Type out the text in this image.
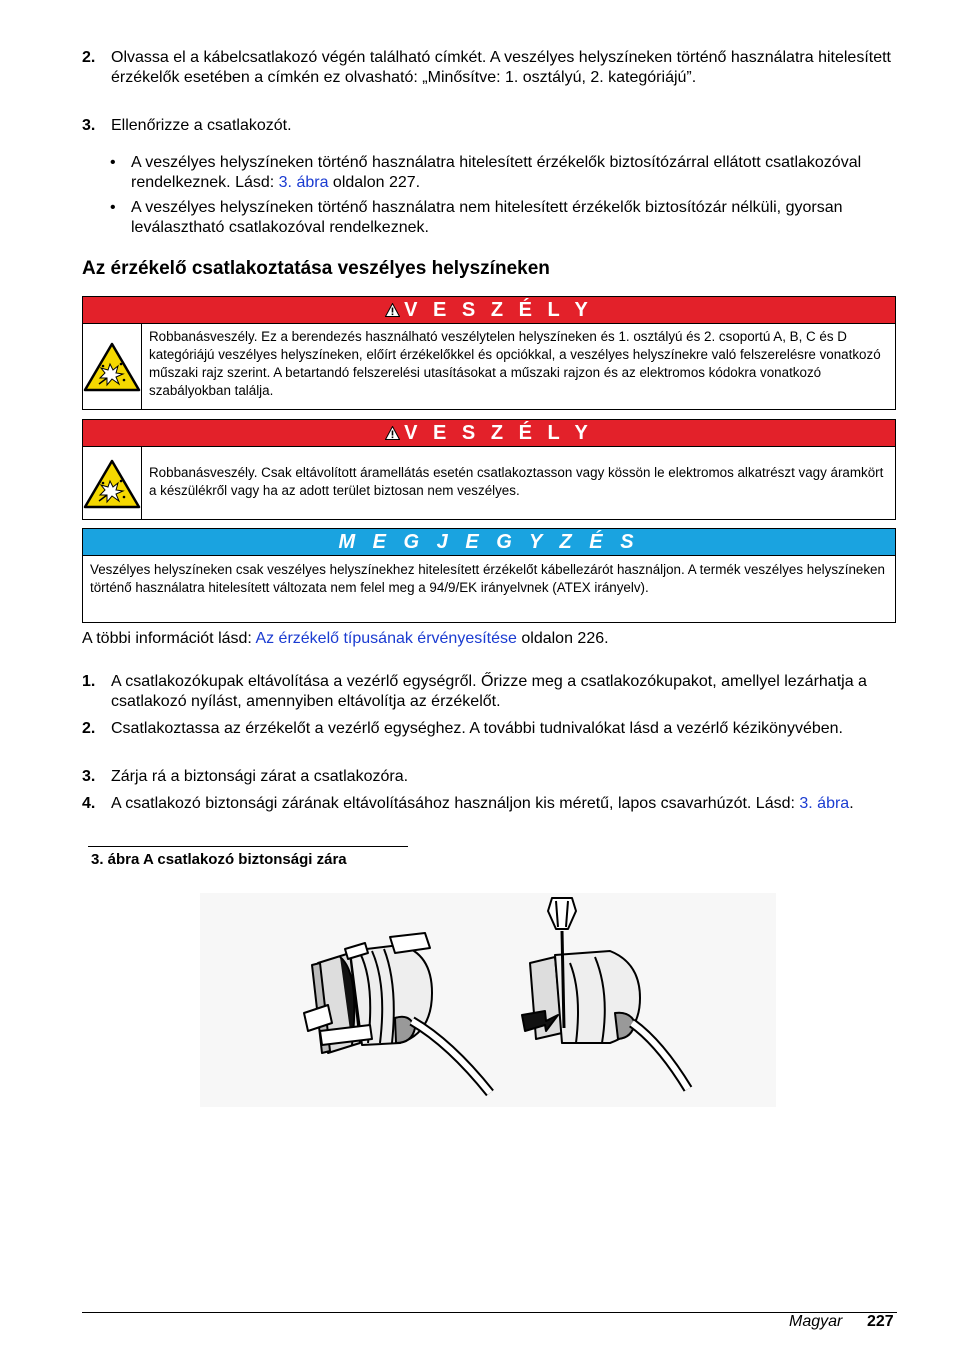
2. Olvassa el a kábelcsatlakozó végén található címkét. A veszélyes helyszíneken történő használatra hitelesített érzékelők esetében a címkén ez olvasható: „Minősítve: 1. osztályú, 2. kategóriájú”.
3. Ellenőrizze a csatlakozót.
• A veszélyes helyszíneken történő használatra hitelesített érzékelők biztosítózárral ellátott csatlakozóval rendelkeznek. Lásd: 3. ábra oldalon 227.
• A veszélyes helyszíneken történő használatra nem hitelesített érzékelők biztosítózár nélküli, gyorsan leválasztható csatlakozóval rendelkeznek.
Az érzékelő csatlakoztatása veszélyes helyszíneken
V E S Z É L Y
Robbanásveszély. Ez a berendezés használható veszélytelen helyszíneken és 1. osztályú és 2. csoportú A, B, C és D kategóriájú veszélyes helyszíneken, előírt érzékelőkkel és opciókkal, a veszélyes helyszínekre való felszerelésre vonatkozó műszaki rajz szerint. A betartandó felszerelési utasításokat a műszaki rajzon és az elektromos kódokra vonatkozó szabályokban találja.
V E S Z É L Y
Robbanásveszély. Csak eltávolított áramellátás esetén csatlakoztasson vagy kössön le elektromos alkatrészt vagy áramkört a készülékről vagy ha az adott terület biztosan nem veszélyes.
M E G J E G Y Z É S
Veszélyes helyszíneken csak veszélyes helyszínekhez hitelesített érzékelőt kábellezárót használjon. A termék veszélyes helyszíneken történő használatra hitelesített változata nem felel meg a 94/9/EK irányelvnek (ATEX irányelv).
A többi információt lásd: Az érzékelő típusának érvényesítése oldalon 226.
1. A csatlakozókupak eltávolítása a vezérlő egységről. Őrizze meg a csatlakozókupakot, amellyel lezárhatja a csatlakozó nyílást, amennyiben eltávolítja az érzékelőt.
2. Csatlakoztassa az érzékelőt a vezérlő egységhez. A további tudnivalókat lásd a vezérlő kézikönyvében.
3. Zárja rá a biztonsági zárat a csatlakozóra.
4. A csatlakozó biztonsági zárának eltávolításához használjon kis méretű, lapos csavarhúzót. Lásd: 3. ábra.
3. ábra A csatlakozó biztonsági zára
Magyar 227
